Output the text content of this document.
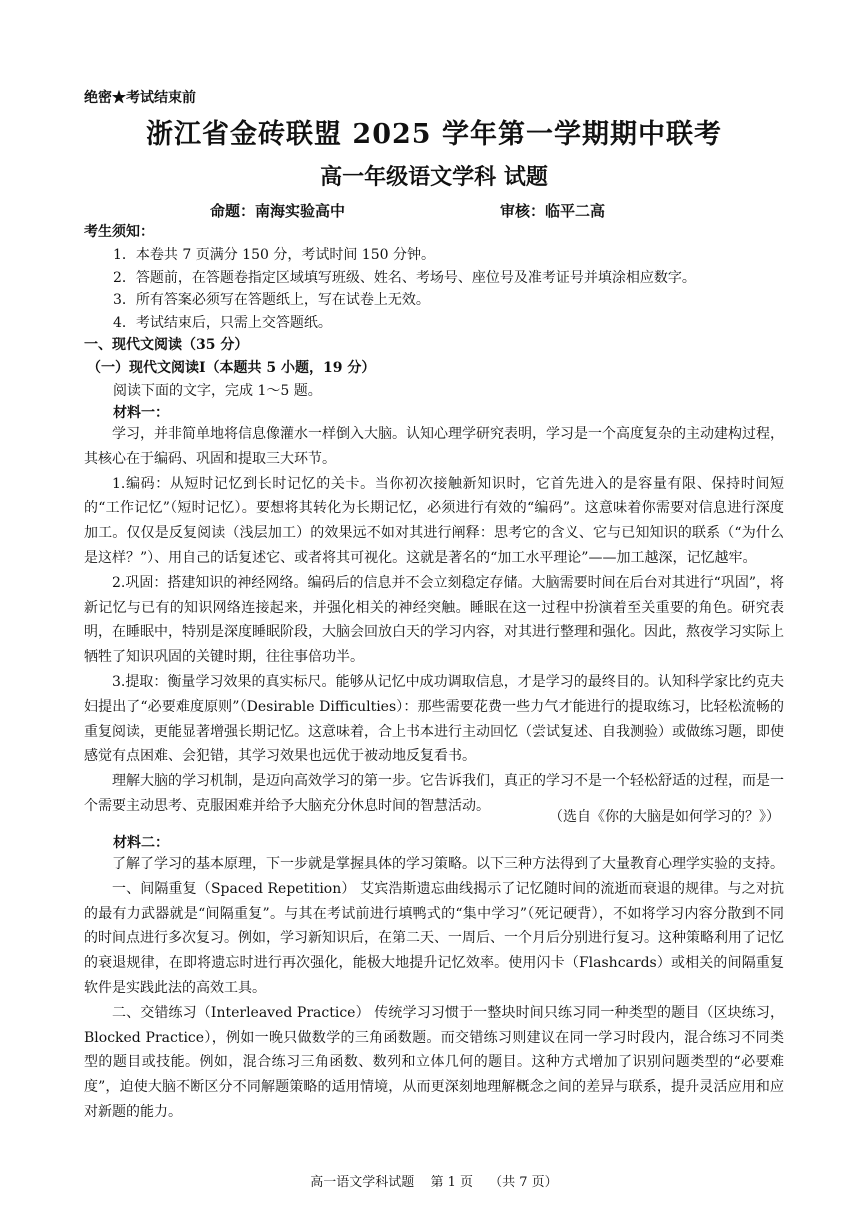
绝密★考试结束前
浙江省金砖联盟 2025 学年第一学期期中联考
高一年级语文学科 试题
命题：南海实验高中	审核：临平二高
考生须知：
1．本卷共 7 页满分 150 分，考试时间 150 分钟。
2．答题前，在答题卷指定区域填写班级、姓名、考场号、座位号及准考证号并填涂相应数字。
3．所有答案必须写在答题纸上，写在试卷上无效。
4．考试结束后，只需上交答题纸。
一、现代文阅读（35 分）
（一）现代文阅读Ⅰ（本题共 5 小题，19 分）
阅读下面的文字，完成 1～5 题。
材料一：

学习，并非简单地将信息像灌水一样倒入大脑。认知心理学研究表明，学习是一个高度复杂的主动建构过程，其核心在于编码、巩固和提取三大环节。

1.编码：从短时记忆到长时记忆的关卡。当你初次接触新知识时，它首先进入的是容量有限、保持时间短的“工作记忆”（短时记忆）。要想将其转化为长期记忆，必须进行有效的“编码”。这意味着你需要对信息进行深度加工。仅仅是反复阅读（浅层加工）的效果远不如对其进行阐释：思考它的含义、它与已知知识的联系（“为什么是这样？”）、用自己的话复述它、或者将其可视化。这就是著名的“加工水平理论”——加工越深，记忆越牢。

2.巩固：搭建知识的神经网络。编码后的信息并不会立刻稳定存储。大脑需要时间在后台对其进行“巩固”，将新记忆与已有的知识网络连接起来，并强化相关的神经突触。睡眠在这一过程中扮演着至关重要的角色。研究表明，在睡眠中，特别是深度睡眠阶段，大脑会回放白天的学习内容，对其进行整理和强化。因此，熬夜学习实际上牺牲了知识巩固的关键时期，往往事倍功半。

3.提取：衡量学习效果的真实标尺。能够从记忆中成功调取信息，才是学习的最终目的。认知科学家比约克夫妇提出了“必要难度原则”（Desirable Difficulties）：那些需要花费一些力气才能进行的提取练习，比轻松流畅的重复阅读，更能显著增强长期记忆。这意味着，合上书本进行主动回忆（尝试复述、自我测验）或做练习题，即使感觉有点困难、会犯错，其学习效果也远优于被动地反复看书。

理解大脑的学习机制，是迈向高效学习的第一步。它告诉我们，真正的学习不是一个轻松舒适的过程，而是一个需要主动思考、克服困难并给予大脑充分休息时间的智慧活动。

（选自《你的大脑是如何学习的？》）
材料二：

了解了学习的基本原理，下一步就是掌握具体的学习策略。以下三种方法得到了大量教育心理学实验的支持。

一、间隔重复（Spaced Repetition） 艾宾浩斯遗忘曲线揭示了记忆随时间的流逝而衰退的规律。与之对抗的最有力武器就是“间隔重复”。与其在考试前进行填鸭式的“集中学习”（死记硬背），不如将学习内容分散到不同的时间点进行多次复习。例如，学习新知识后，在第二天、一周后、一个月后分别进行复习。这种策略利用了记忆的衰退规律，在即将遗忘时进行再次强化，能极大地提升记忆效率。使用闪卡（Flashcards）或相关的间隔重复软件是实践此法的高效工具。

二、交错练习（Interleaved Practice） 传统学习习惯于一整块时间只练习同一种类型的题目（区块练习，Blocked Practice），例如一晚只做数学的三角函数题。而交错练习则建议在同一学习时段内，混合练习不同类型的题目或技能。例如，混合练习三角函数、数列和立体几何的题目。这种方式增加了识别问题类型的“必要难度”，迫使大脑不断区分不同解题策略的适用情境，从而更深刻地理解概念之间的差异与联系，提升灵活应用和应对新题的能力。

高一语文学科试题 第 1 页 （共 7 页）
